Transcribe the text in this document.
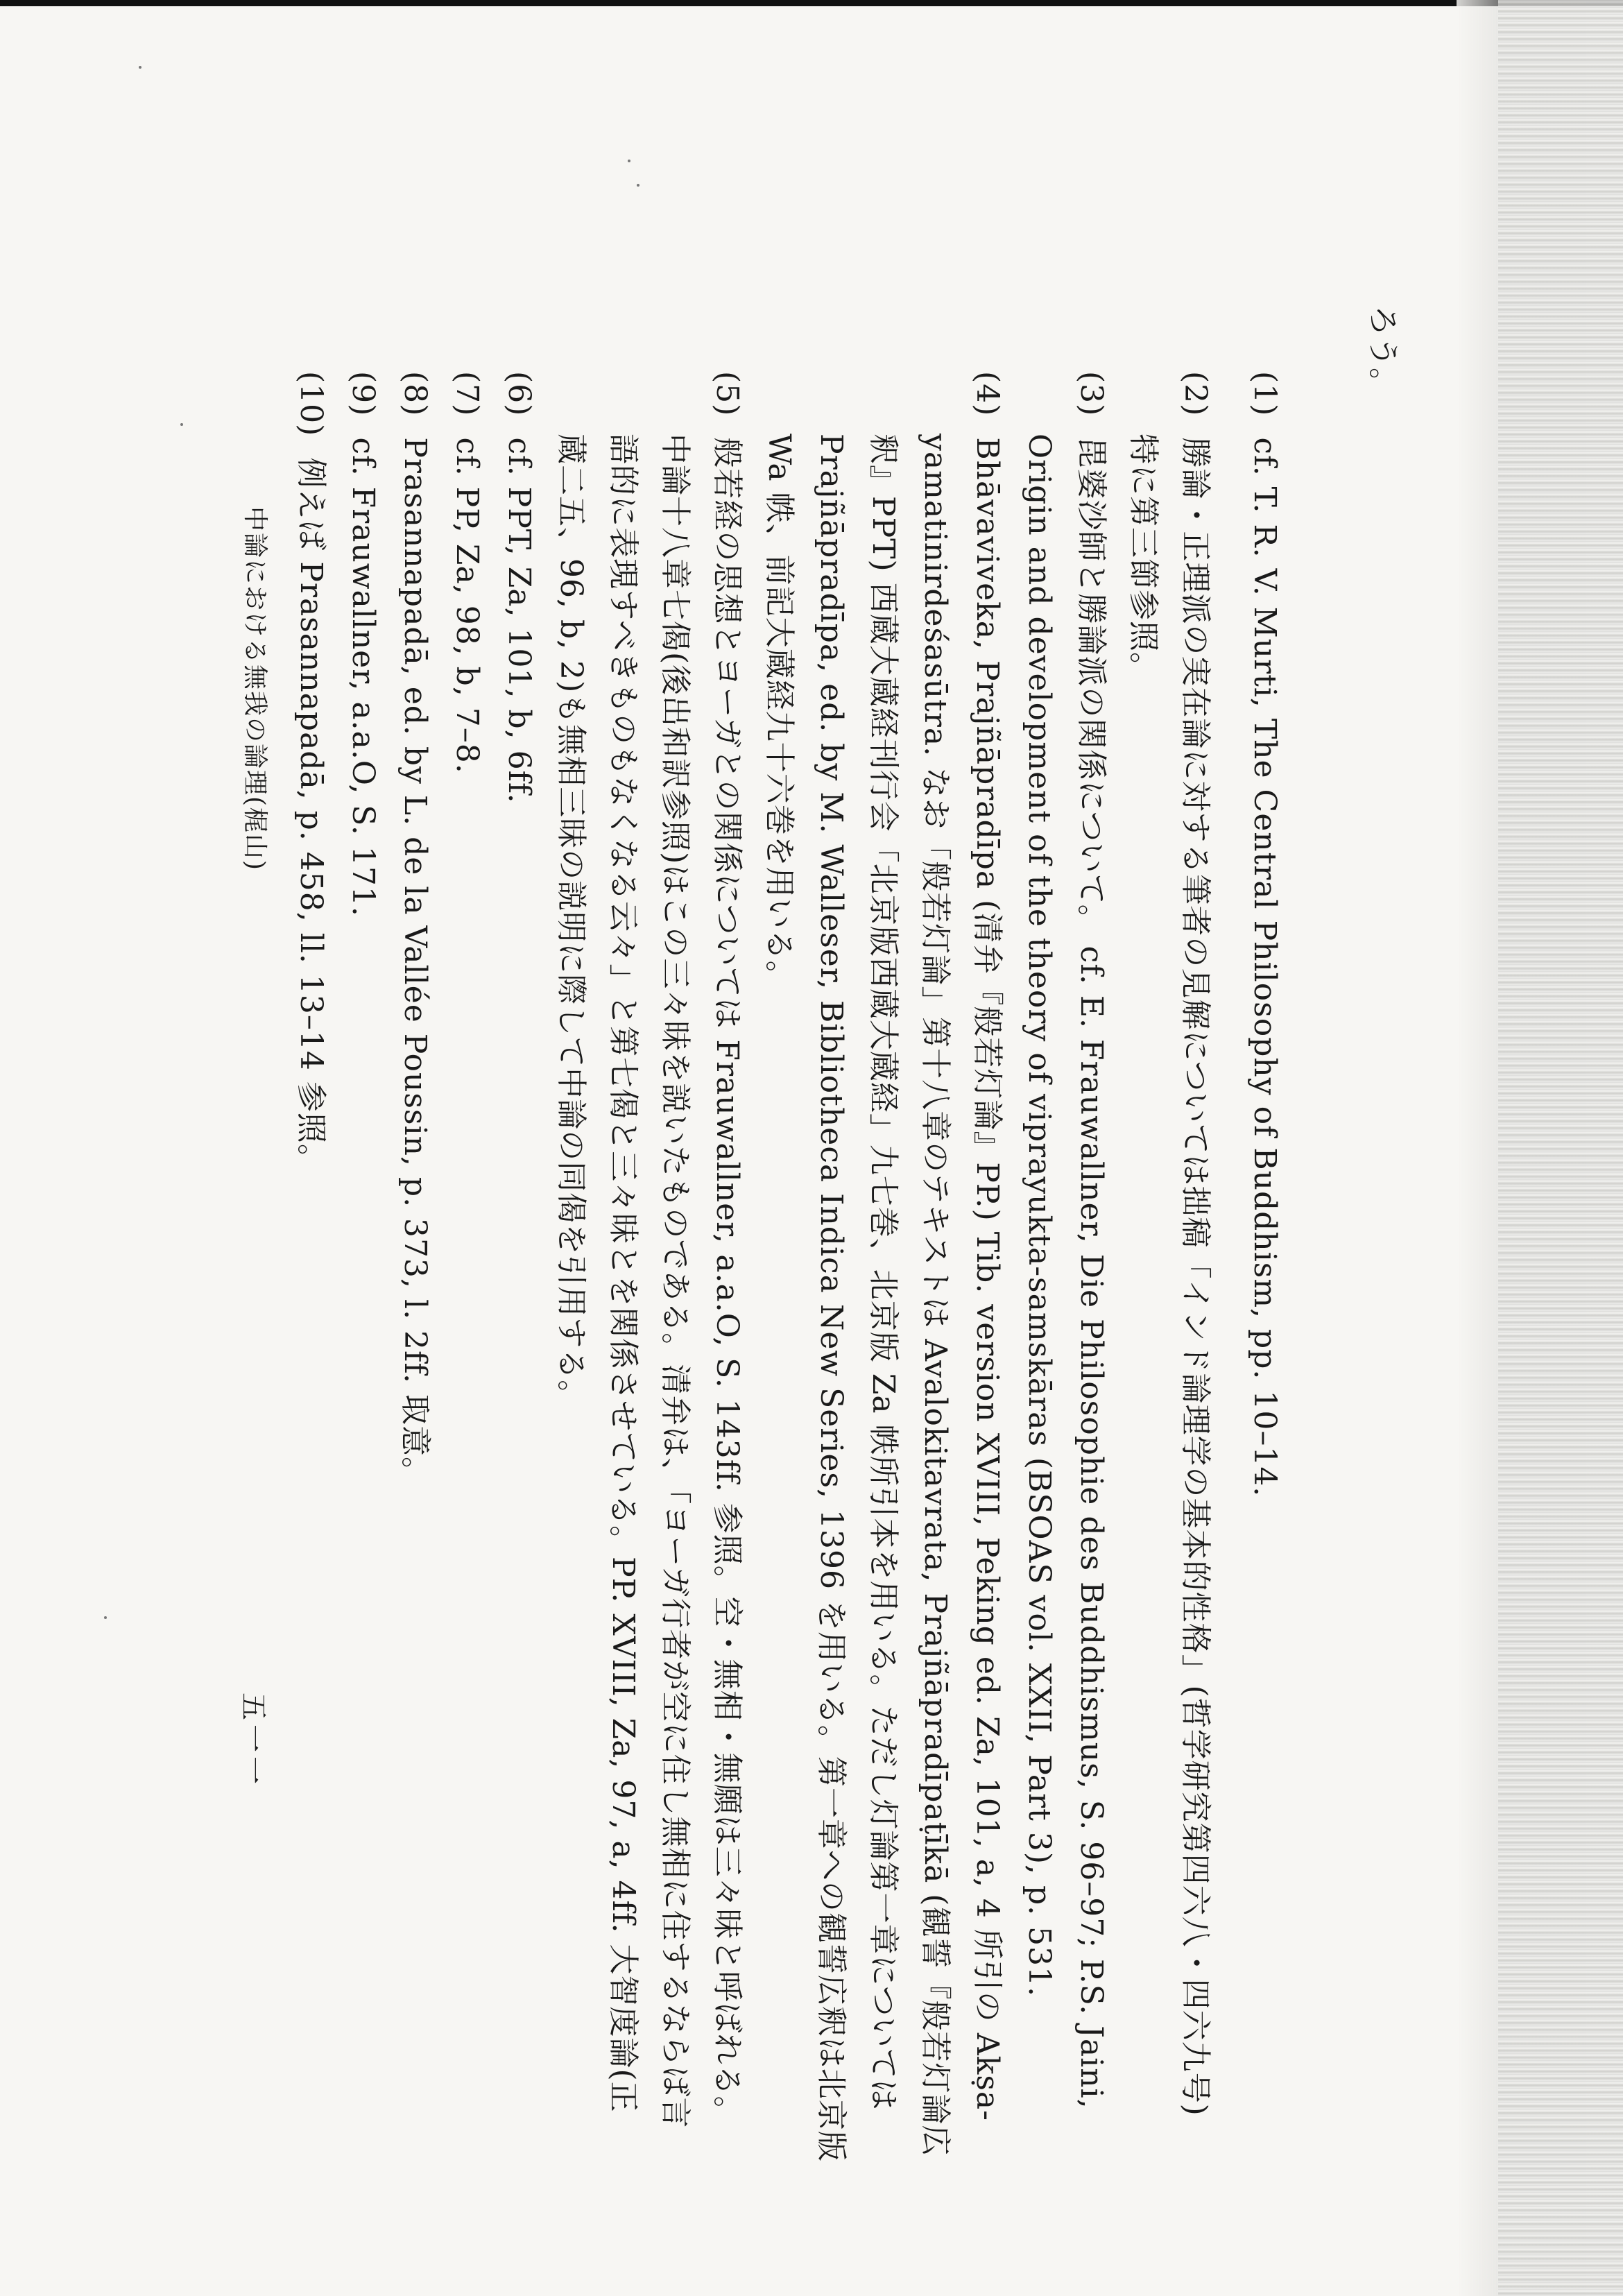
ろう。
(1)cf. T. R. V. Murti, The Central Philosophy of Buddhism, pp. 10–14.
(2)勝論・正理派の実在論に対する筆者の見解については拙稿「インド論理学の基本的性格」(哲学研究第四六八・四六九号)
特に第三節参照。
(3)毘婆沙師と勝論派の関係について。 cf. E. Frauwallner, Die Philosophie des Buddhismus, S. 96–97; P.S. Jaini,
Origin and development of the theory of viprayukta-samskāras (BSOAS vol. XXII, Part 3), p. 531.
(4)Bhāvaviveka, Prajñāpradīpa (清弁『般若灯論』PP.) Tib. version XVIII, Peking ed. Za, 101, a, 4 所引の Akṣa-
yamatinirdeśasūtra. なお「般若灯論」第十八章のテキストは Avalokitavrata, Prajñāpradīpaṭīkā (観誓『般若灯論広
釈』PPT) 西蔵大蔵経刊行会「北京版西蔵大蔵経」九七巻、北京版 Za 帙所引本を用いる。ただし灯論第一章については
Prajñāpradīpa, ed. by M. Walleser, Bibliotheca Indica New Series, 1396 を用いる。第一章への観誓広釈は北京版
Wa 帙、前記大蔵経九十六巻を用いる。
(5)般若経の思想とヨーガとの関係については Frauwallner, a.a.O, S. 143ff. 参照。空・無相・無願は三々昧と呼ばれる。
中論十八章七偈(後出和訳参照)はこの三々昧を説いたものである。清弁は、「ヨーガ行者が空に住し無相に住するならば言
語的に表現すべきものもなくなる云々」と第七偈と三々昧とを関係させている。PP. XVIII, Za, 97, a, 4ff. 大智度論(正
蔵二五、96, b, 2)も無相三昧の説明に際して中論の同偈を引用する。
(6)cf. PPT, Za, 101, b, 6ff.
(7)cf. PP, Za, 98, b, 7–8.
(8)Prasannapadā, ed. by L. de la Vallée Poussin, p. 373, l. 2ff. 取意。
(9)cf. Frauwallner, a.a.O, S. 171.
(10)例えば Prasannapadā, p. 458, ll. 13–14 参照。
中論における無我の論理(梶山)
五一一
